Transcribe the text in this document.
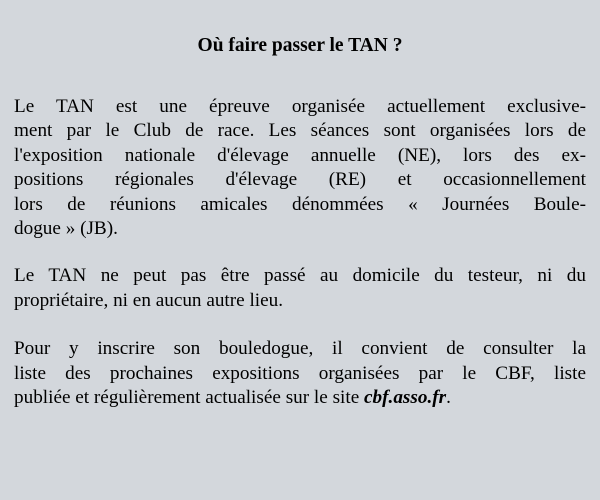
Où faire passer le TAN ?
Le TAN est une épreuve organisée actuellement exclusive-
ment par le Club de race. Les séances sont organisées lors de
l'exposition nationale d'élevage annuelle (NE), lors des ex-
positions régionales d'élevage (RE) et occasionnellement
lors de réunions amicales dénommées « Journées Boule-
dogue » (JB).
Le TAN ne peut pas être passé au domicile du testeur, ni du
propriétaire, ni en aucun autre lieu.
Pour y inscrire son bouledogue, il convient de consulter la
liste des prochaines expositions organisées par le CBF, liste
publiée et régulièrement actualisée sur le site cbf.asso.fr.
